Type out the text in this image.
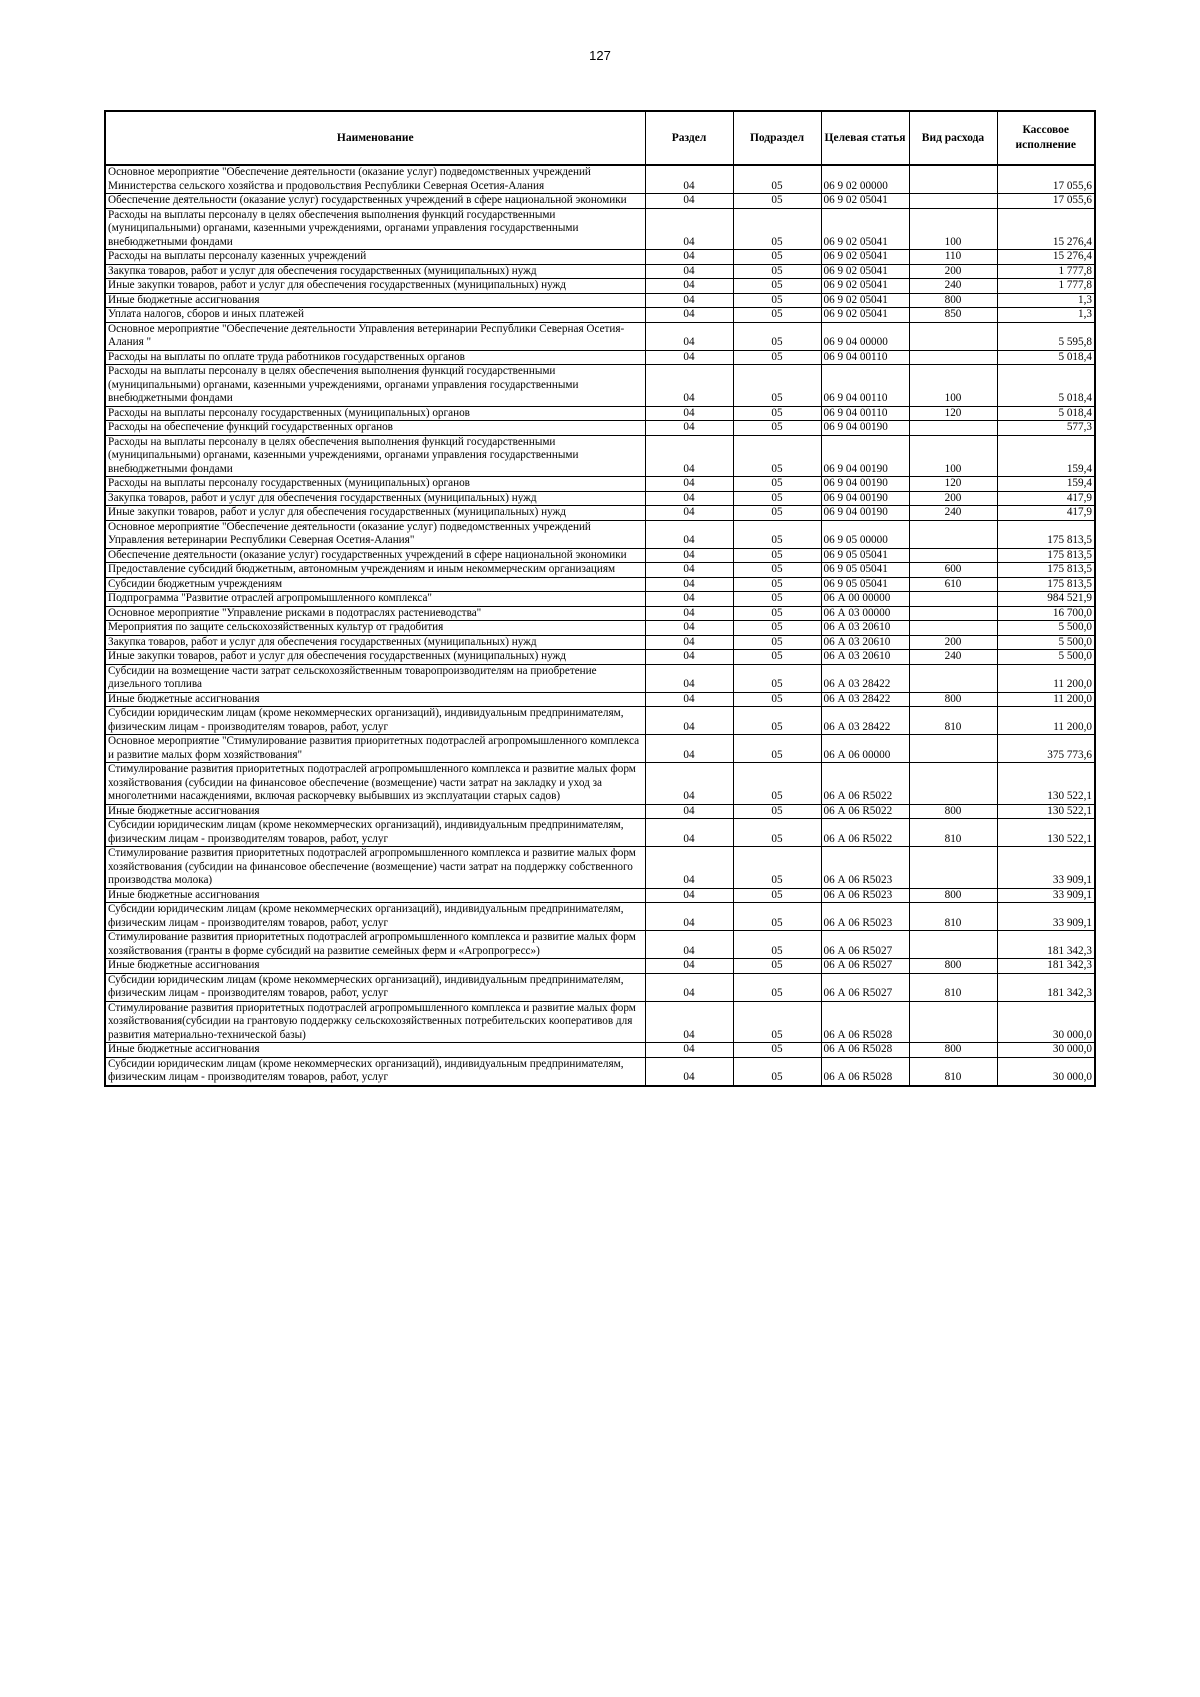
127
Наименование	Раздел	Подраздел	Целевая статья	Вид расхода	Кассовое исполнение
Основное мероприятие "Обеспечение деятельности (оказание услуг) подведомственных учреждений Министерства сельского хозяйства и продовольствия Республики Северная Осетия-Алания	04	05	06 9 02 00000		17 055,6
Обеспечение деятельности (оказание услуг) государственных учреждений в сфере национальной экономики	04	05	06 9 02 05041		17 055,6
Расходы на выплаты персоналу в целях обеспечения выполнения функций государственными (муниципальными) органами, казенными учреждениями, органами управления государственными внебюджетными фондами	04	05	06 9 02 05041	100	15 276,4
Расходы на выплаты персоналу казенных учреждений	04	05	06 9 02 05041	110	15 276,4
Закупка товаров, работ и услуг для обеспечения государственных (муниципальных) нужд	04	05	06 9 02 05041	200	1 777,8
Иные закупки товаров, работ и услуг для обеспечения государственных (муниципальных) нужд	04	05	06 9 02 05041	240	1 777,8
Иные бюджетные ассигнования	04	05	06 9 02 05041	800	1,3
Уплата налогов, сборов и иных платежей	04	05	06 9 02 05041	850	1,3
Основное мероприятие "Обеспечение деятельности Управления ветеринарии Республики Северная Осетия-Алания "	04	05	06 9 04 00000		5 595,8
Расходы на выплаты по оплате труда работников государственных органов	04	05	06 9 04 00110		5 018,4
Расходы на выплаты персоналу в целях обеспечения выполнения функций государственными (муниципальными) органами, казенными учреждениями, органами управления государственными внебюджетными фондами	04	05	06 9 04 00110	100	5 018,4
Расходы на выплаты персоналу государственных (муниципальных) органов	04	05	06 9 04 00110	120	5 018,4
Расходы на обеспечение функций государственных органов	04	05	06 9 04 00190		577,3
Расходы на выплаты персоналу в целях обеспечения выполнения функций государственными (муниципальными) органами, казенными учреждениями, органами управления государственными внебюджетными фондами	04	05	06 9 04 00190	100	159,4
Расходы на выплаты персоналу государственных (муниципальных) органов	04	05	06 9 04 00190	120	159,4
Закупка товаров, работ и услуг для обеспечения государственных (муниципальных) нужд	04	05	06 9 04 00190	200	417,9
Иные закупки товаров, работ и услуг для обеспечения государственных (муниципальных) нужд	04	05	06 9 04 00190	240	417,9
Основное мероприятие "Обеспечение деятельности (оказание услуг) подведомственных учреждений Управления ветеринарии Республики Северная Осетия-Алания"	04	05	06 9 05 00000		175 813,5
Обеспечение деятельности (оказание услуг) государственных учреждений в сфере национальной экономики	04	05	06 9 05 05041		175 813,5
Предоставление субсидий бюджетным, автономным учреждениям и иным некоммерческим организациям	04	05	06 9 05 05041	600	175 813,5
Субсидии бюджетным учреждениям	04	05	06 9 05 05041	610	175 813,5
Подпрограмма "Развитие отраслей агропромышленного комплекса"	04	05	06 А 00 00000		984 521,9
Основное мероприятие "Управление рисками в подотраслях растениеводства"	04	05	06 А 03 00000		16 700,0
Мероприятия по защите сельскохозяйственных культур от градобития	04	05	06 А 03 20610		5 500,0
Закупка товаров, работ и услуг для обеспечения государственных (муниципальных) нужд	04	05	06 А 03 20610	200	5 500,0
Иные закупки товаров, работ и услуг для обеспечения государственных (муниципальных) нужд	04	05	06 А 03 20610	240	5 500,0
Субсидии на возмещение части затрат сельскохозяйственным товаропроизводителям на приобретение дизельного топлива	04	05	06 А 03 28422		11 200,0
Иные бюджетные ассигнования	04	05	06 А 03 28422	800	11 200,0
Субсидии юридическим лицам (кроме некоммерческих организаций), индивидуальным предпринимателям, физическим лицам - производителям товаров, работ, услуг	04	05	06 А 03 28422	810	11 200,0
Основное мероприятие "Стимулирование развития приоритетных подотраслей агропромышленного комплекса и развитие малых форм хозяйствования"	04	05	06 А 06 00000		375 773,6
Стимулирование развития приоритетных подотраслей агропромышленного комплекса и развитие малых форм хозяйствования (субсидии на финансовое обеспечение (возмещение) части затрат на закладку и уход за многолетними насаждениями, включая раскорчевку выбывших из эксплуатации старых садов)	04	05	06 А 06 R5022		130 522,1
Иные бюджетные ассигнования	04	05	06 А 06 R5022	800	130 522,1
Субсидии юридическим лицам (кроме некоммерческих организаций), индивидуальным предпринимателям, физическим лицам - производителям товаров, работ, услуг	04	05	06 А 06 R5022	810	130 522,1
Стимулирование развития приоритетных подотраслей агропромышленного комплекса и развитие малых форм хозяйствования (субсидии на финансовое обеспечение (возмещение) части затрат на поддержку собственного производства молока)	04	05	06 А 06 R5023		33 909,1
Иные бюджетные ассигнования	04	05	06 А 06 R5023	800	33 909,1
Субсидии юридическим лицам (кроме некоммерческих организаций), индивидуальным предпринимателям, физическим лицам - производителям товаров, работ, услуг	04	05	06 А 06 R5023	810	33 909,1
Стимулирование развития приоритетных подотраслей агропромышленного комплекса и развитие малых форм хозяйствования (гранты в форме субсидий на развитие семейных ферм и «Агропрогресс»)	04	05	06 А 06 R5027		181 342,3
Иные бюджетные ассигнования	04	05	06 А 06 R5027	800	181 342,3
Субсидии юридическим лицам (кроме некоммерческих организаций), индивидуальным предпринимателям, физическим лицам - производителям товаров, работ, услуг	04	05	06 А 06 R5027	810	181 342,3
Стимулирование развития приоритетных подотраслей агропромышленного комплекса и развитие малых форм хозяйствования(субсидии на грантовую поддержку сельскохозяйственных потребительских кооперативов для развития материально-технической базы)	04	05	06 А 06 R5028		30 000,0
Иные бюджетные ассигнования	04	05	06 А 06 R5028	800	30 000,0
Субсидии юридическим лицам (кроме некоммерческих организаций), индивидуальным предпринимателям, физическим лицам - производителям товаров, работ, услуг	04	05	06 А 06 R5028	810	30 000,0
